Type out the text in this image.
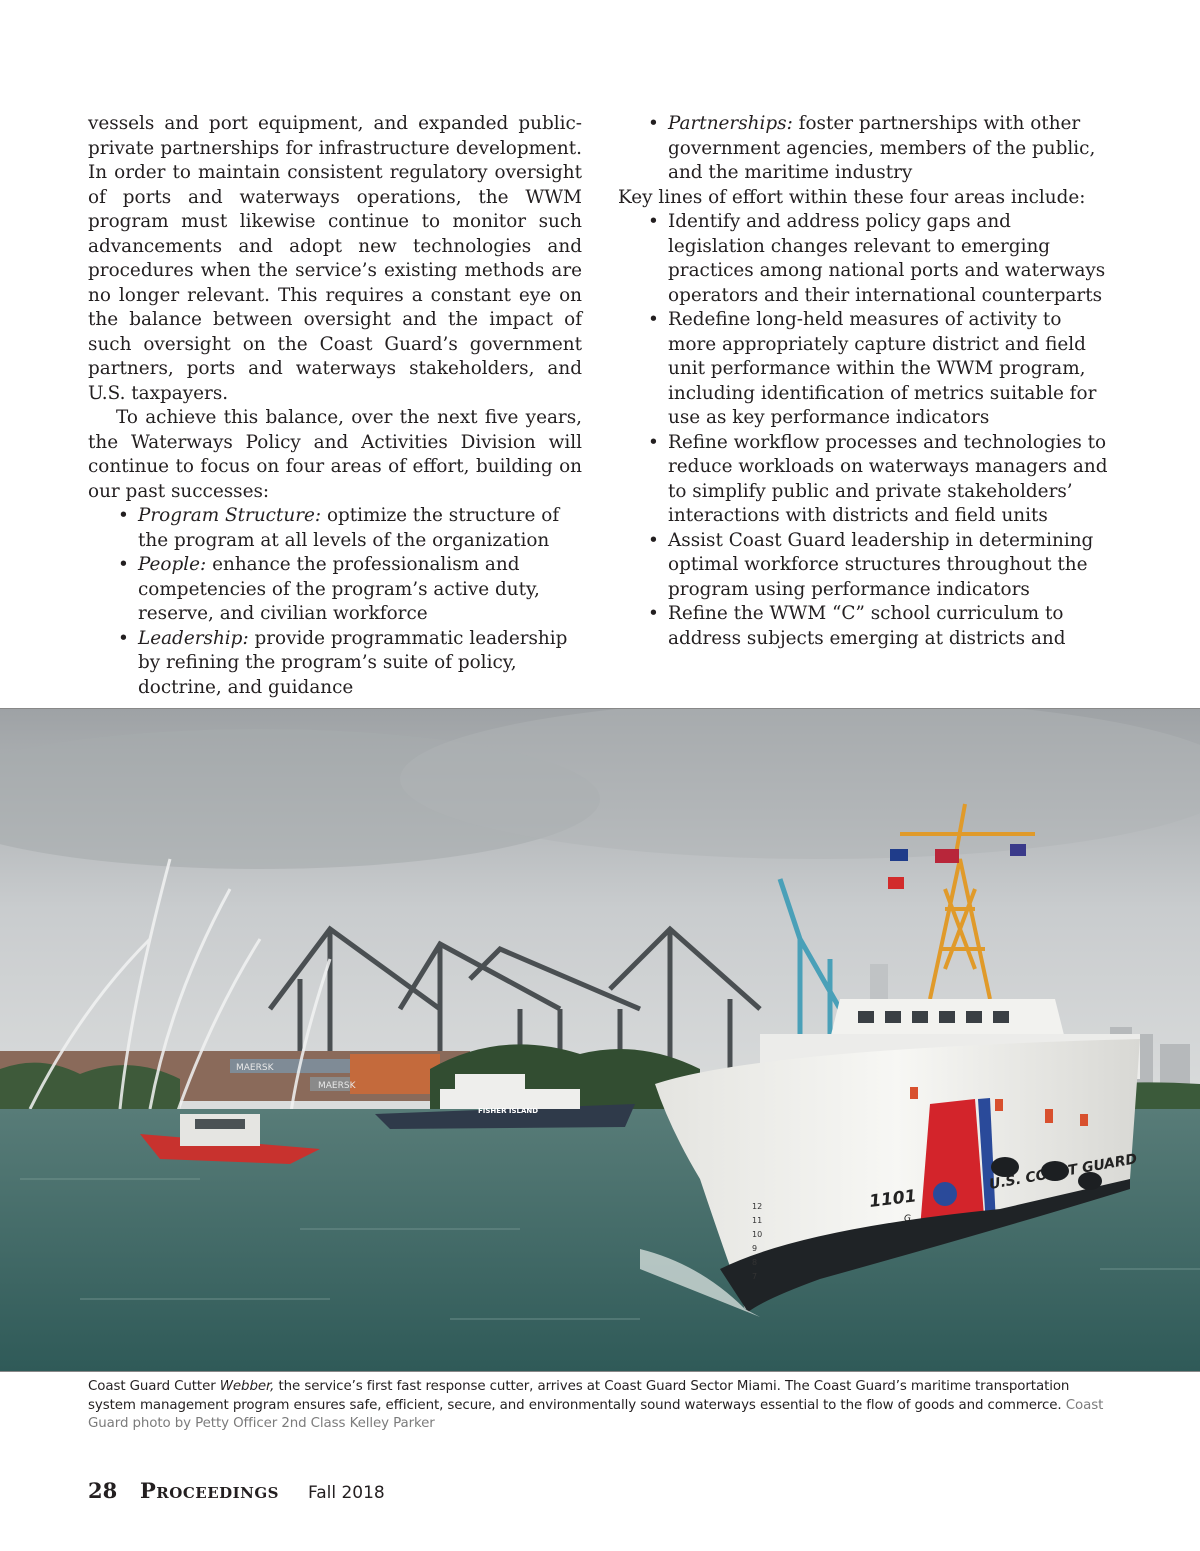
vessels and port equipment, and expanded public-private partnerships for infrastructure development. In order to maintain consistent regulatory oversight of ports and waterways operations, the WWM program must likewise continue to monitor such advancements and adopt new technologies and procedures when the service’s existing methods are no longer relevant. This requires a constant eye on the balance between oversight and the impact of such oversight on the Coast Guard’s government partners, ports and waterways stakeholders, and U.S. taxpayers.

To achieve this balance, over the next five years, the Waterways Policy and Activities Division will continue to focus on four areas of effort, building on our past successes:

• Program Structure: optimize the structure of the program at all levels of the organization
• People: enhance the professionalism and competencies of the program’s active duty, reserve, and civilian workforce
• Leadership: provide programmatic leadership by refining the program’s suite of policy, doctrine, and guidance
• Partnerships: foster partnerships with other government agencies, members of the public, and the maritime industry

Key lines of effort within these four areas include:

• Identify and address policy gaps and legislation changes relevant to emerging practices among national ports and waterways operators and their international counterparts
• Redefine long-held measures of activity to more appropriately capture district and field unit performance within the WWM program, including identification of metrics suitable for use as key performance indicators
• Refine workflow processes and technologies to reduce workloads on waterways managers and to simplify public and private stakeholders’ interactions with districts and field units
• Assist Coast Guard leadership in determining optimal workforce structures throughout the program using performance indicators
• Refine the WWM “C” school curriculum to address subjects emerging at districts and
MAERSK
MAERSK
FISHER ISLAND
1101
G
U.S. GUARD
12
11
10
9
8
7
Coast Guard Cutter Webber, the service’s first fast response cutter, arrives at Coast Guard Sector Miami. The Coast Guard’s maritime transportation system management program ensures safe, efficient, secure, and environmentally sound waterways essential to the flow of goods and commerce. Coast Guard photo by Petty Officer 2nd Class Kelley Parker
28	Proceedings	Fall 2018
